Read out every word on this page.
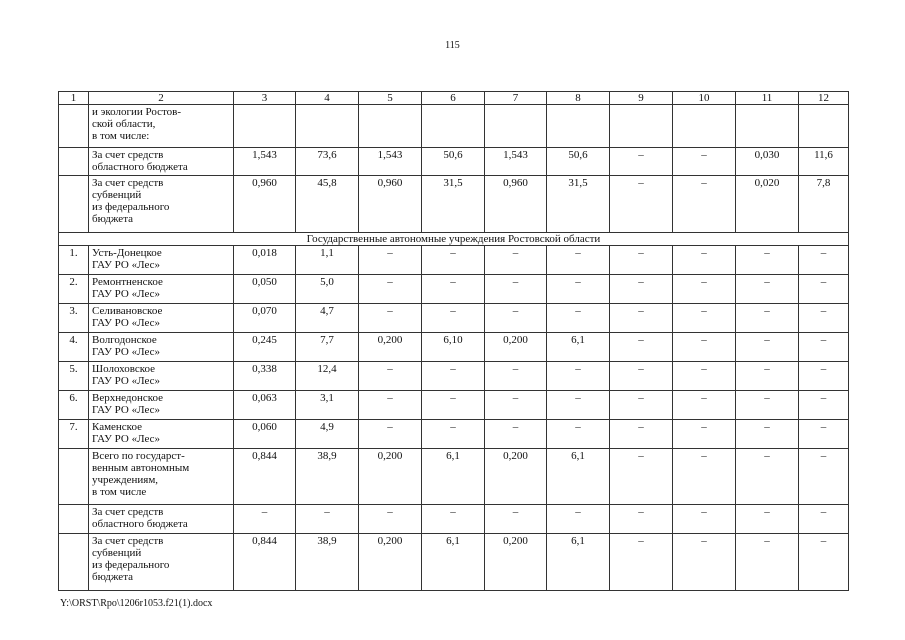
115
1	2	3	4	5	6	7	8	9	10	11	12
	и экологии Ростов-
ской области,
в том числе:										
	За счет средств
областного бюджета	1,543	73,6	1,543	50,6	1,543	50,6	–	–	0,030	11,6
	За счет средств
субвенций
из федерального
бюджета	0,960	45,8	0,960	31,5	0,960	31,5	–	–	0,020	7,8
Государственные автономные учреждения Ростовской области											
1.	Усть-Донецкое
ГАУ РО «Лес»	0,018	1,1	–	–	–	–	–	–	–	–
2.	Ремонтненское
ГАУ РО «Лес»	0,050	5,0	–	–	–	–	–	–	–	–
3.	Селивановское
ГАУ РО «Лес»	0,070	4,7	–	–	–	–	–	–	–	–
4.	Волгодонское
ГАУ РО «Лес»	0,245	7,7	0,200	6,10	0,200	6,1	–	–	–	–
5.	Шолоховское
ГАУ РО «Лес»	0,338	12,4	–	–	–	–	–	–	–	–
6.	Верхнедонское
ГАУ РО «Лес»	0,063	3,1	–	–	–	–	–	–	–	–
7.	Каменское
ГАУ РО «Лес»	0,060	4,9	–	–	–	–	–	–	–	–
	Всего по государст-
венным автономным
учреждениям,
в том числе	0,844	38,9	0,200	6,1	0,200	6,1	–	–	–	–
	За счет средств
областного бюджета	–	–	–	–	–	–	–	–	–	–
	За счет средств
субвенций
из федерального
бюджета	0,844	38,9	0,200	6,1	0,200	6,1	–	–	–	–
Y:\ORST\Rpo\1206r1053.f21(1).docx
